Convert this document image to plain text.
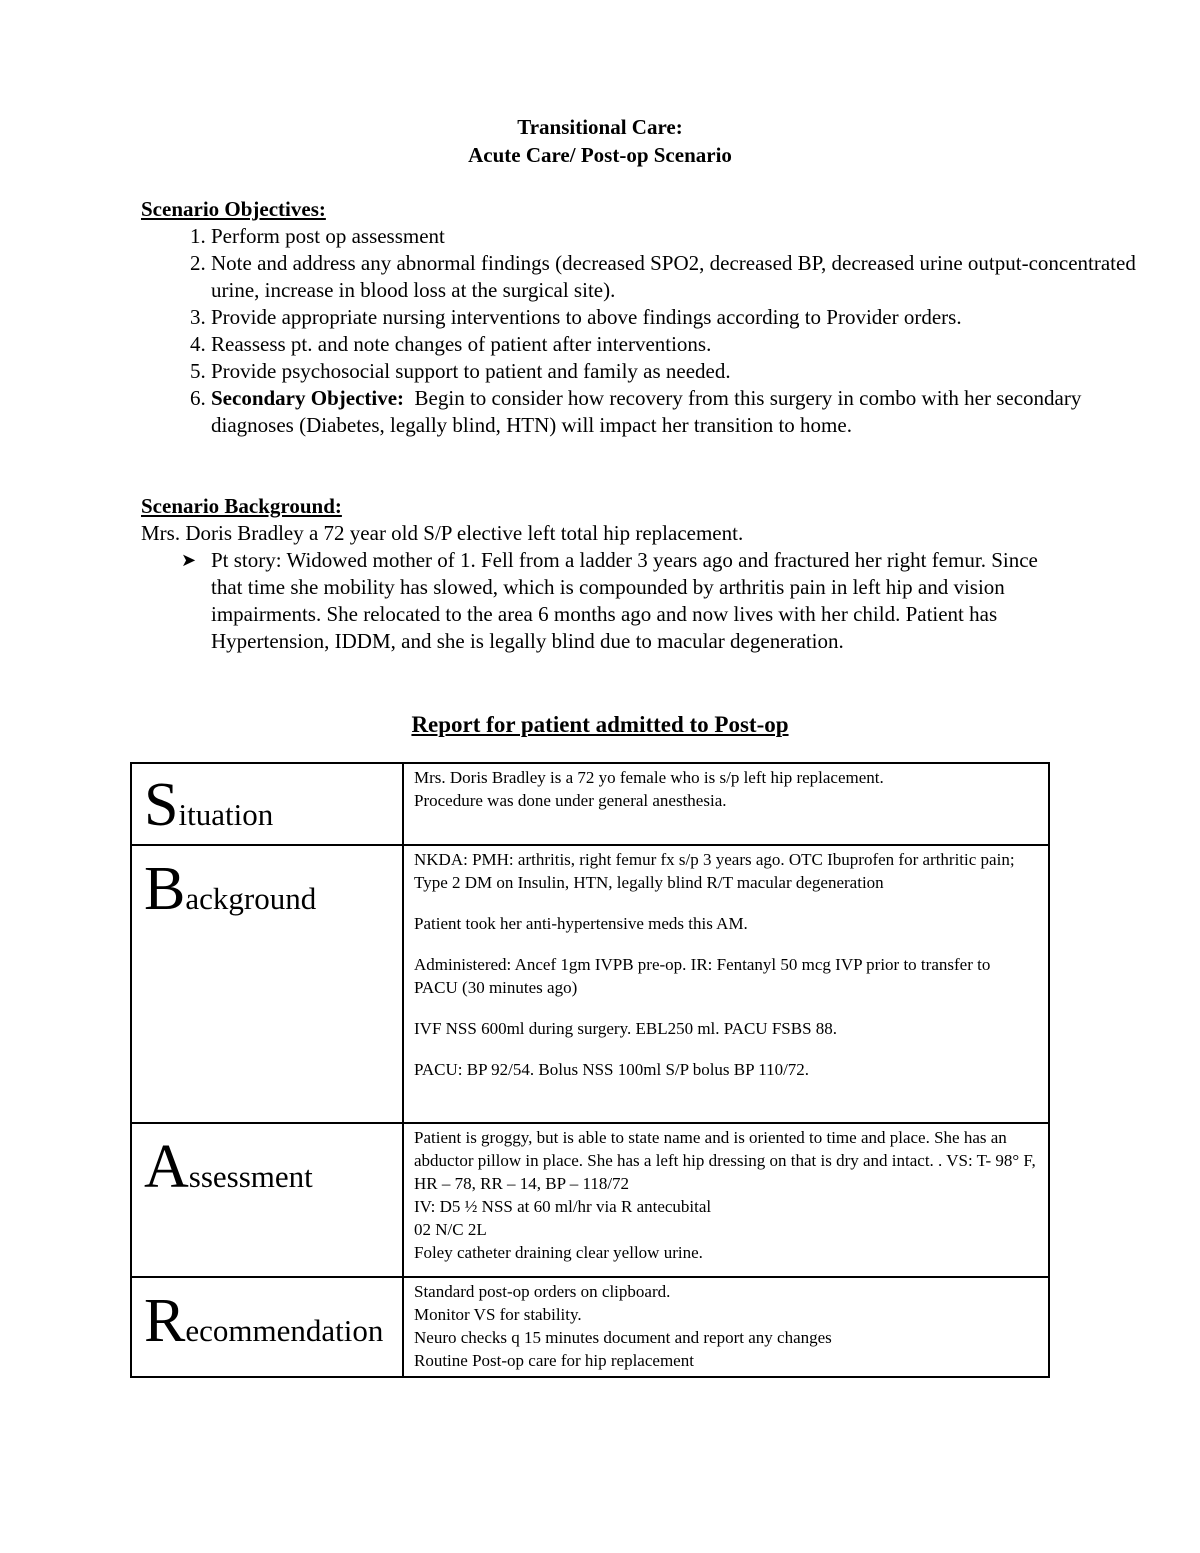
Transitional Care:
Acute Care/ Post-op Scenario
Scenario Objectives:
1. Perform post op assessment
2. Note and address any abnormal findings (decreased SPO2, decreased BP, decreased urine output-concentrated urine, increase in blood loss at the surgical site).
3. Provide appropriate nursing interventions to above findings according to Provider orders.
4. Reassess pt. and note changes of patient after interventions.
5. Provide psychosocial support to patient and family as needed.
6. Secondary Objective: Begin to consider how recovery from this surgery in combo with her secondary diagnoses (Diabetes, legally blind, HTN) will impact her transition to home.
Scenario Background:
Mrs. Doris Bradley a 72 year old S/P elective left total hip replacement.
➤ Pt story: Widowed mother of 1. Fell from a ladder 3 years ago and fractured her right femur. Since that time she mobility has slowed, which is compounded by arthritis pain in left hip and vision impairments. She relocated to the area 6 months ago and now lives with her child. Patient has Hypertension, IDDM, and she is legally blind due to macular degeneration.
Report for patient admitted to Post-op
Situation	Mrs. Doris Bradley is a 72 yo female who is s/p left hip replacement.

Procedure was done under general anesthesia.

Background	NKDA: PMH: arthritis, right femur fx s/p 3 years ago. OTC Ibuprofen for arthritic pain; Type 2 DM on Insulin, HTN, legally blind R/T macular degeneration

Patient took her anti-hypertensive meds this AM.

Administered: Ancef 1gm IVPB pre-op. IR: Fentanyl 50 mcg IVP prior to transfer to PACU (30 minutes ago)

IVF NSS 600ml during surgery. EBL250 ml. PACU FSBS 88.

PACU: BP 92/54. Bolus NSS 100ml S/P bolus BP 110/72.

Assessment	Patient is groggy, but is able to state name and is oriented to time and place. She has an abductor pillow in place. She has a left hip dressing on that is dry and intact. . VS: T- 98° F, HR – 78, RR – 14, BP – 118/72

IV: D5 ½ NSS at 60 ml/hr via R antecubital

02 N/C 2L

Foley catheter draining clear yellow urine.

Recommendation	Standard post-op orders on clipboard.

Monitor VS for stability.

Neuro checks q 15 minutes document and report any changes

Routine Post-op care for hip replacement
